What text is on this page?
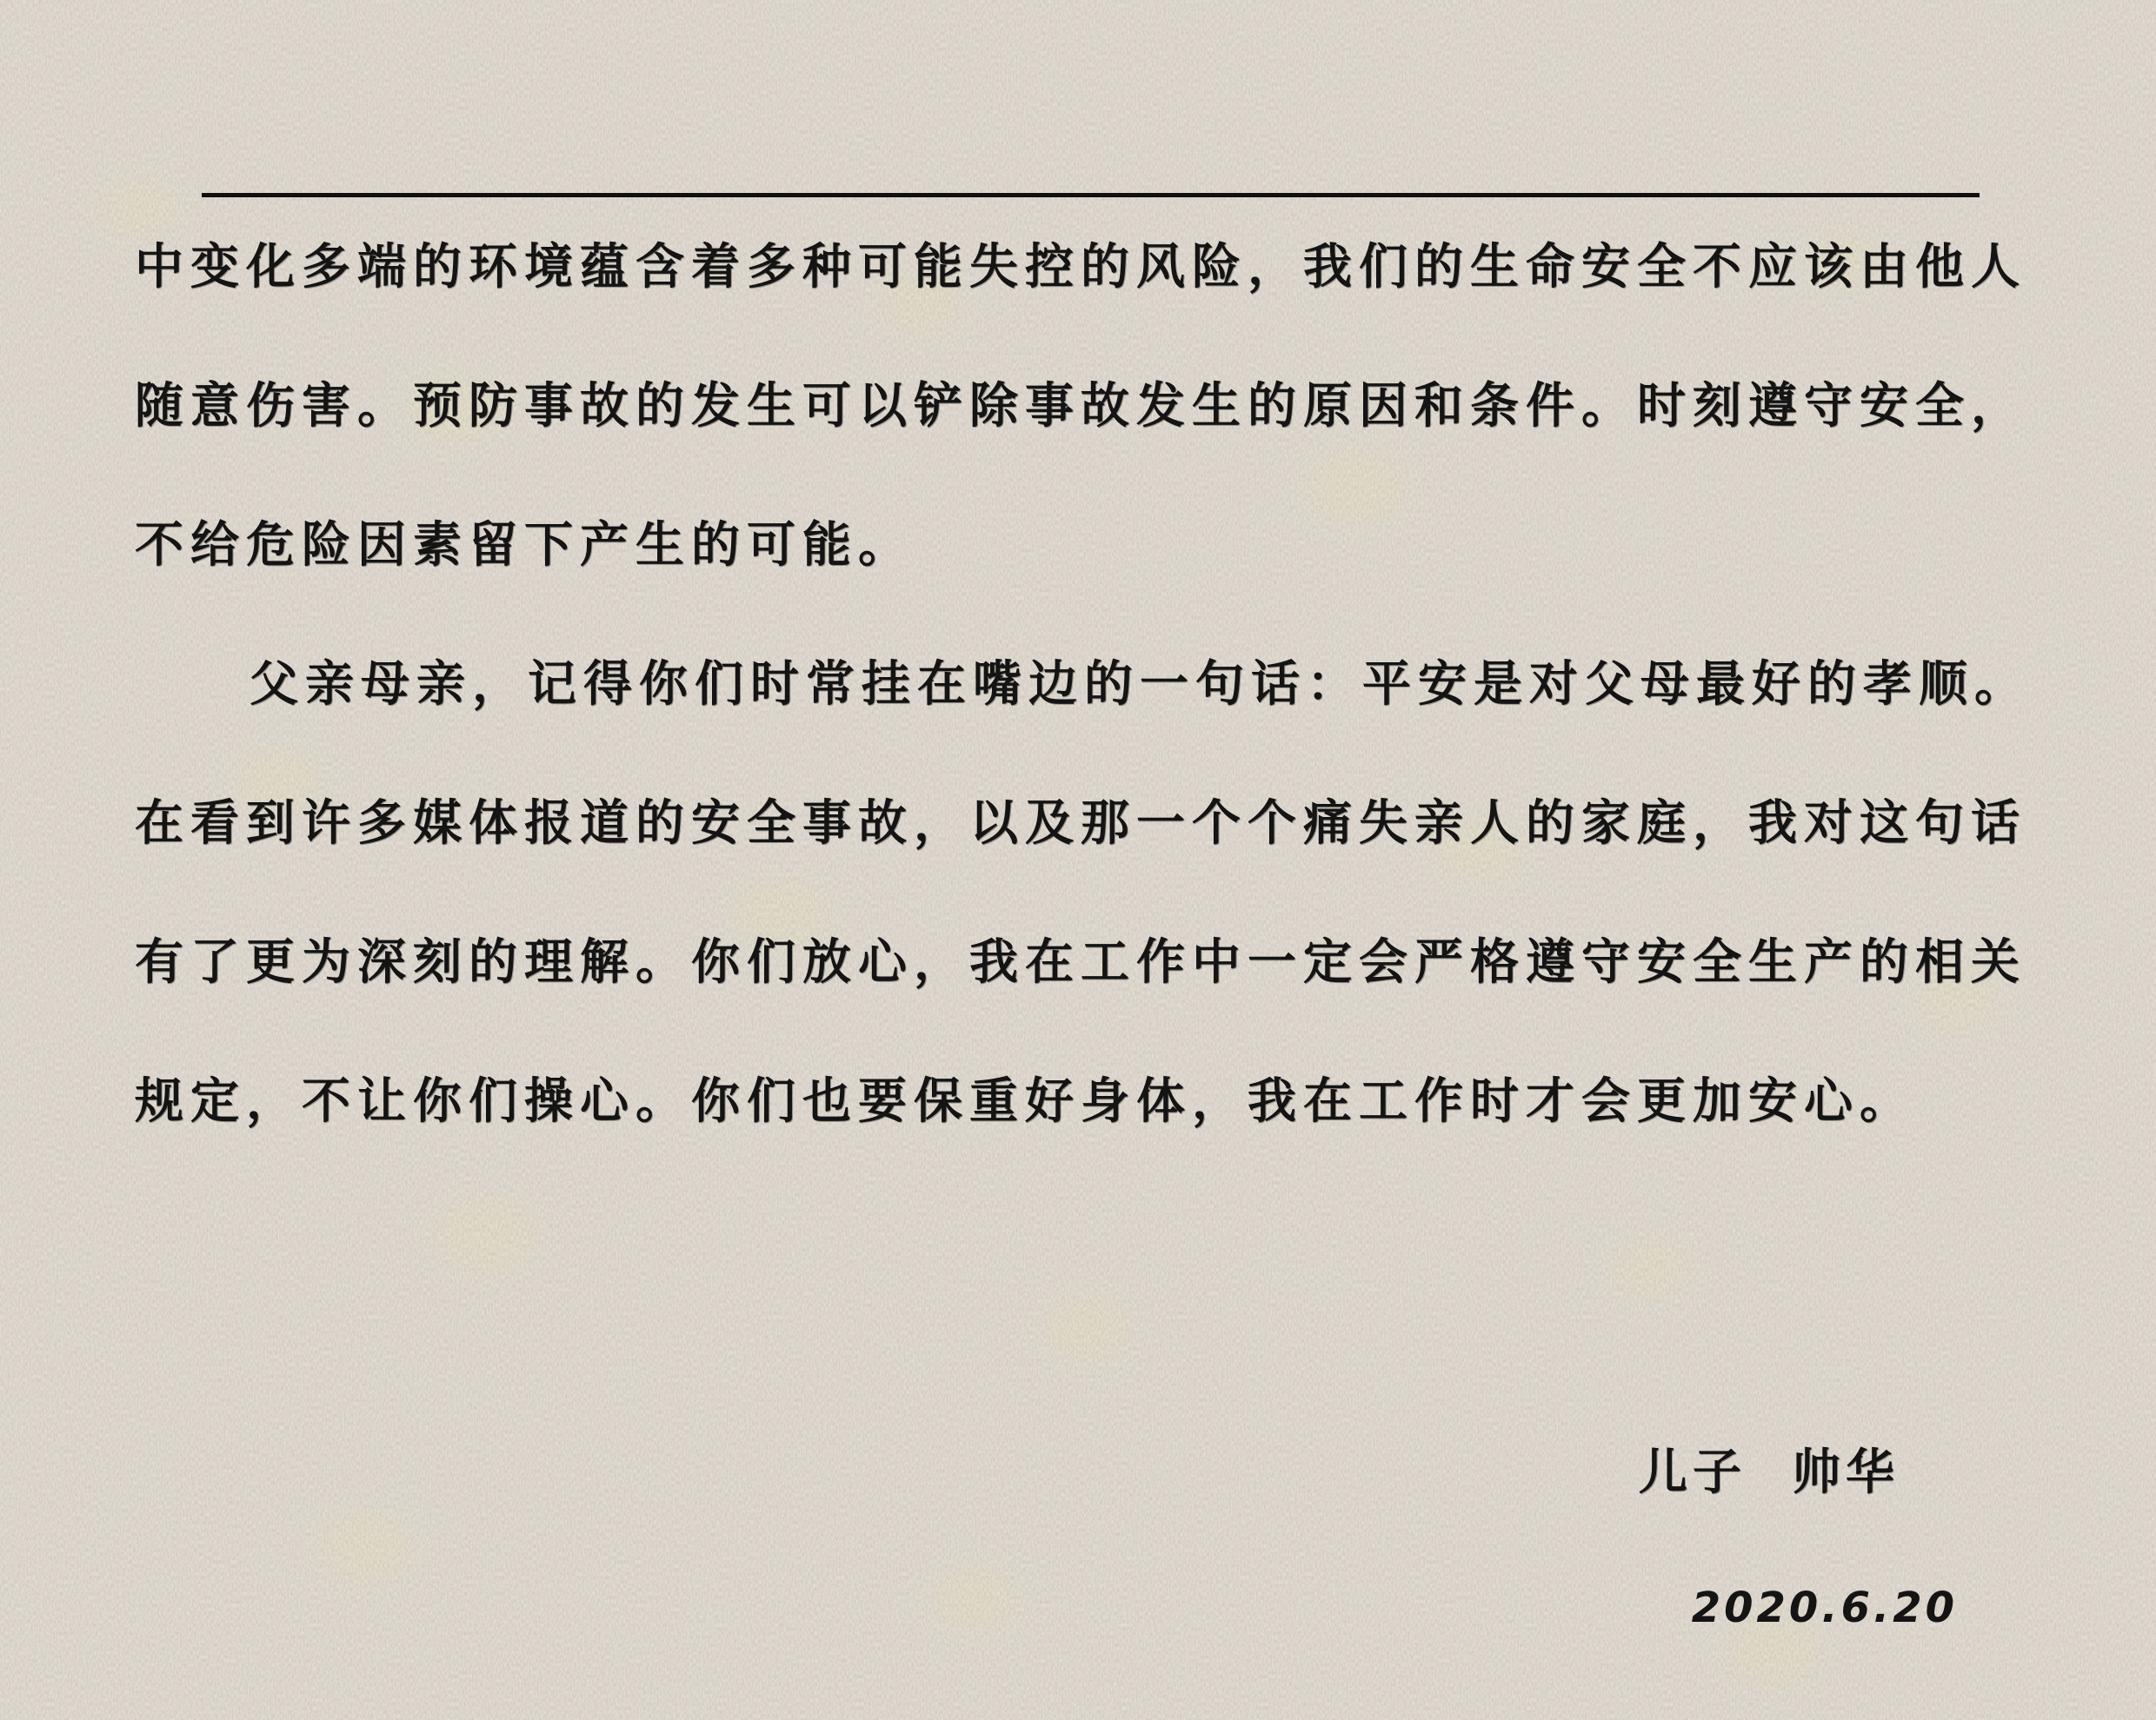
中变化多端的环境蕴含着多种可能失控的风险，我们的生命安全不应该由他人
随意伤害。预防事故的发生可以铲除事故发生的原因和条件。时刻遵守安全，
不给危险因素留下产生的可能。
父亲母亲，记得你们时常挂在嘴边的一句话：平安是对父母最好的孝顺。
在看到许多媒体报道的安全事故，以及那一个个痛失亲人的家庭，我对这句话
有了更为深刻的理解。你们放心，我在工作中一定会严格遵守安全生产的相关
规定，不让你们操心。你们也要保重好身体，我在工作时才会更加安心。
儿子 帅华
2020.6.20
